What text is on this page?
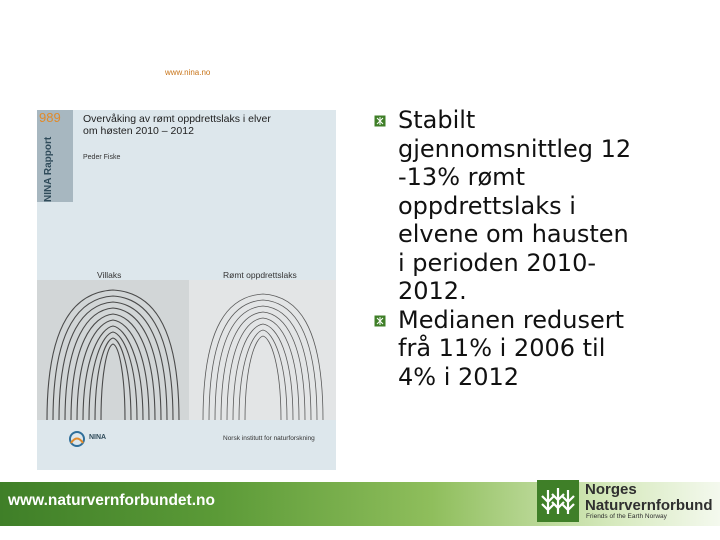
www.nina.no
989
NINA Rapport
Overvåking av rømt oppdrettslaks i elver
om høsten 2010 – 2012
Peder Fiske
Villaks	Rømt oppdrettslaks
NINA	Norsk institutt for naturforskning
Stabilt
gjennomsnittleg 12
-13% rømt
oppdrettslaks i
elvene om hausten
i perioden 2010-
2012.
Medianen redusert
frå 11% i 2006 til
4% i 2012
www.naturvernforbundet.no
Norges
Naturvernforbund
Friends of the Earth Norway
